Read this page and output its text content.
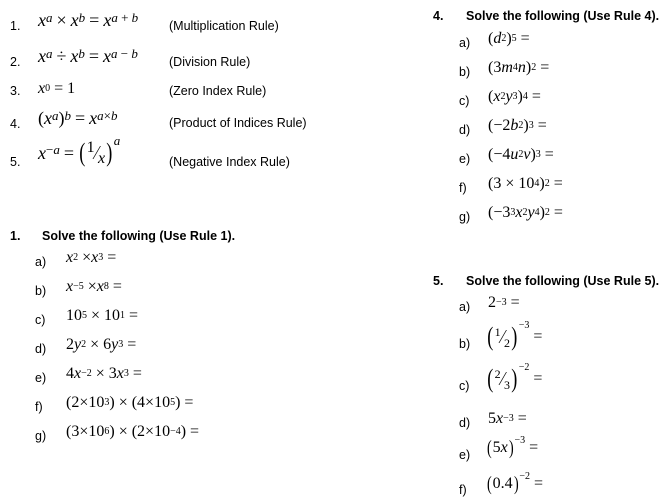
1. x $^a$ × x $^b$ = x $^{a + b}$
(Multiplication Rule)
2. x $^a$ ÷ x $^b$ = x $^{a - b}$
(Division Rule)
3. $x^0 = 1$	(Zero Index Rule)
4. ( x $^a$ ) $^b$ = x $^{a\times b}$
(Product of Indices Rule)
5. $x^{-a}$ = ( 1 ⁄ x ) $^a$
(Negative Index Rule)
1. Solve the following (Use Rule 1).
a) $x^2 \times x^3$ =
b) $x^{-5} \times x^8$ =
c) $10^5 \times 10^1$ =
d) 2 $y^2 \times 6$ $y^3$ =
e) 4 $x^{-2} \times 3$ $x^3$ =
f) ($2\times 10^3$ ) × ($4\times 10^5$ ) =
g) ($3\times 10^6$ ) × ($2\times 10^{-4}$ ) =
4. Solve the following (Use Rule 4).
a) ( $d^2$ )$^5$ =
b) (3 $m^4$ n )$^2$ =
c) ( $x^2$ $y^3$ )$^4$ =
d) (−2 $b^2$ )$^3$ =
e) (−4 $u^2$ v )$^3$ =
f) ($3 \times 10^4$ )$^2$ =
g) ($-3^3$ $x^2$ $y^4$ )$^2$ =
5. Solve the following (Use Rule 5).
a) $2^{-3}$ =
b) ( 1 ⁄ 2 )$^{-3}$
=
c) ( 2 ⁄ 3 )$^{-2}$
=
d) 5 $x^{-3}$ =
e) ( 5 x )$^{-3}$ =
f) ( 0.4 )$^{-2}$ =
